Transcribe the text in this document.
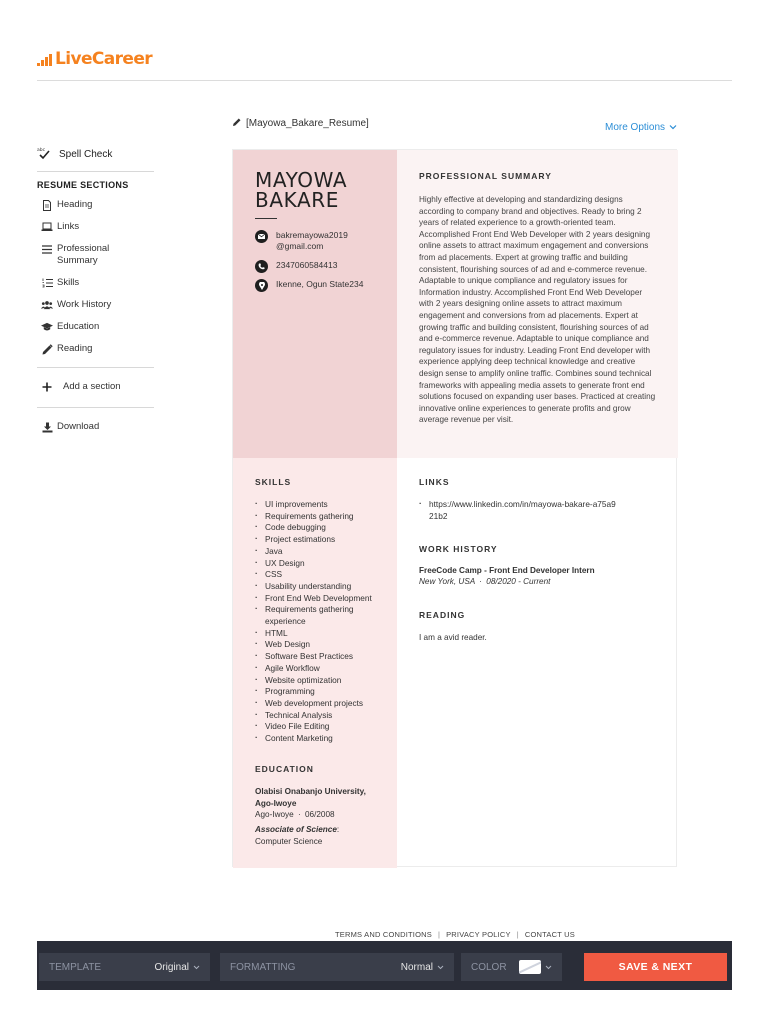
LiveCareer
[Mayowa_Bakare_Resume]	More Options
abc Spell Check
RESUME SECTIONS
Heading
Links
Professional Summary
Skills
Work History
Education
Reading
Add a section
Download
MAYOWA
BAKARE
bakremayowa2019@gmail.com
2347060584413
Ikenne, Ogun State234
PROFESSIONAL SUMMARY
Highly effective at developing and standardizing designs according to company brand and objectives. Ready to bring 2 years of related experience to a growth-oriented team. Accomplished Front End Web Developer with 2 years designing online assets to attract maximum engagement and conversions from ad placements. Expert at growing traffic and building consistent, flourishing sources of ad and e-commerce revenue. Adaptable to unique compliance and regulatory issues for Information industry. Accomplished Front End Web Developer with 2 years designing online assets to attract maximum engagement and conversions from ad placements. Expert at growing traffic and building consistent, flourishing sources of ad and e-commerce revenue. Adaptable to unique compliance and regulatory issues for industry. Leading Front End developer with experience applying deep technical knowledge and creative design sense to amplify online traffic. Combines sound technical frameworks with appealing media assets to generate front end solutions focused on expanding user bases. Practiced at creating innovative online experiences to generate profits and grow average revenue per visit.
SKILLS
· UI improvements
· Requirements gathering
· Code debugging
· Project estimations
· Java
· UX Design
· CSS
· Usability understanding
· Front End Web Development
· Requirements gathering experience
· HTML
· Web Design
· Software Best Practices
· Agile Workflow
· Website optimization
· Programming
· Web development projects
· Technical Analysis
· Video File Editing
· Content Marketing
EDUCATION
Olabisi Onabanjo University, Ago-Iwoye
Ago-Iwoye · 06/2008
Associate of Science:
Computer Science
LINKS
· https://www.linkedin.com/in/mayowa-bakare-a75a921b2
WORK HISTORY
FreeCode Camp - Front End Developer Intern
New York, USA · 08/2020 - Current
READING
I am a avid reader.
TERMS AND CONDITIONS | PRIVACY POLICY | CONTACT US
TEMPLATE	Original	FORMATTING	Normal	COLOR	SAVE & NEXT
